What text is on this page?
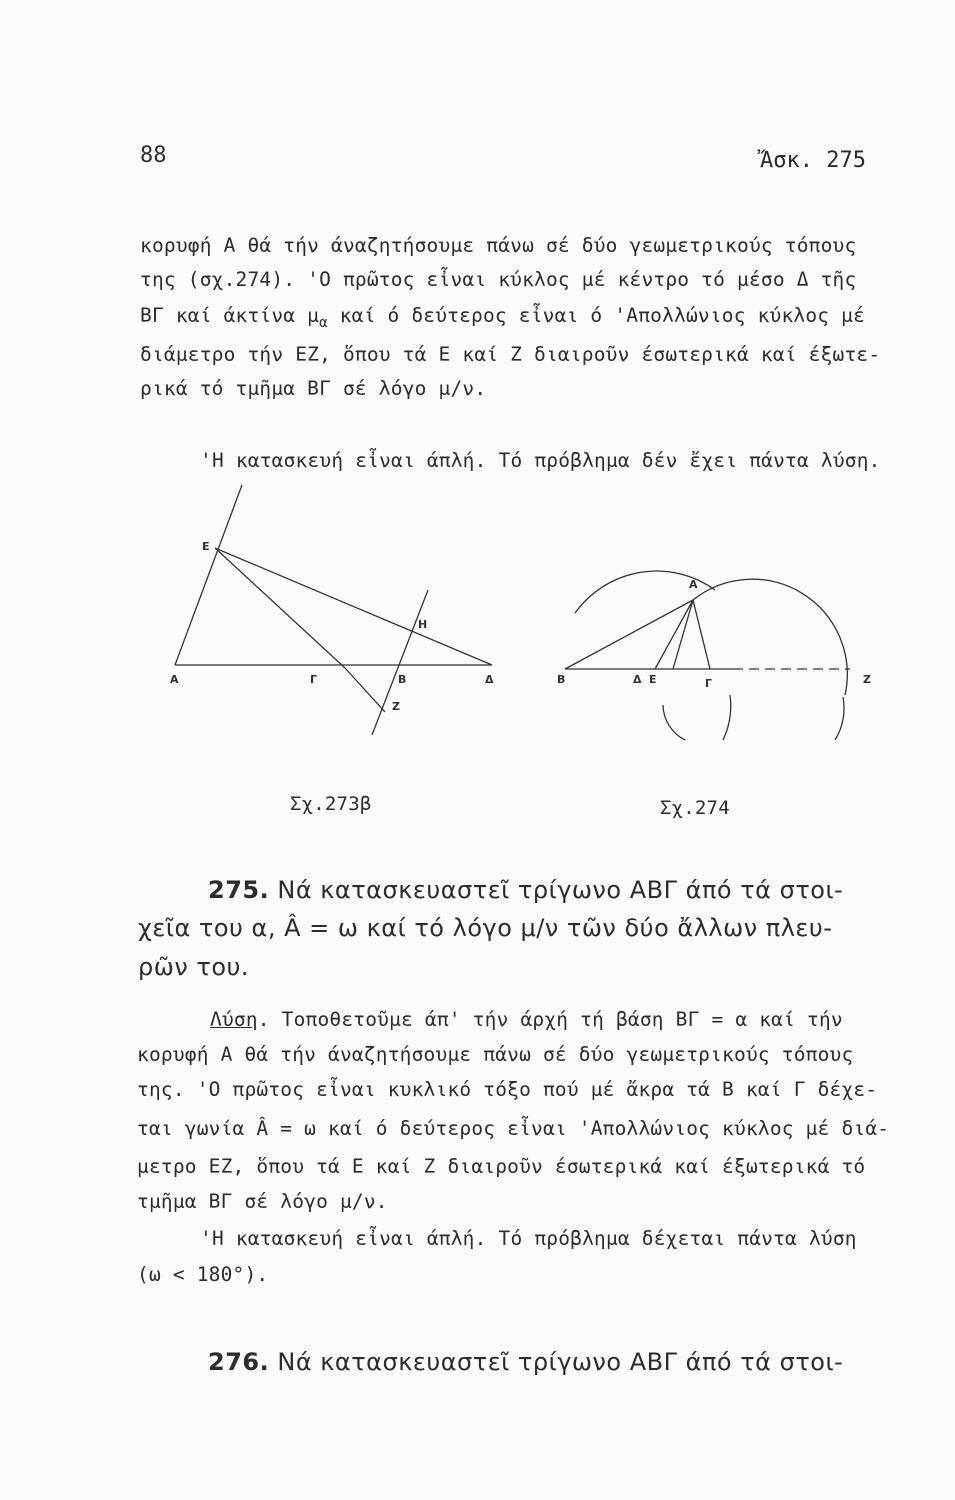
88	Ἄσκ. 275
κορυφή Α θά τήν άναζητήσουμε πάνω σέ δύο γεωμετρικούς τόπους
της (σχ.274). 'Ο πρῶτος εἶναι κύκλος μέ κέντρο τό μέσο Δ τῆς
ΒΓ καί άκτίνα $\mu_\alpha$ καί ό δεύτερος εἶναι ό 'Απολλώνιος κύκλος μέ
διάμετρο τήν ΕΖ, ὅπου τά Ε καί Ζ διαιροῦν έσωτερικά καί έξωτε-
ρικά τό τμῆμα ΒΓ σέ λόγο μ/ν.
'Η κατασκευή εἶναι άπλή. Τό πρόβλημα δέν ἔχει πάντα λύση.
Ε
Η
Α	Γ	Β	Δ
Ζ
Α
Β	Δ Ε	Γ	Ζ
Σχ.273β	Σχ.274
275. Νά κατασκευαστεῖ τρίγωνο ΑΒΓ άπό τά στοι-
χεῖα του α, Â = ω καί τό λόγο μ/ν τῶν δύο ἄλλων πλευ-
ρῶν του.
Λύση. Τοποθετοῦμε άπ' τήν άρχή τή βάση ΒΓ = α καί τήν
κορυφή Α θά τήν άναζητήσουμε πάνω σέ δύο γεωμετρικούς τόπους
της. 'Ο πρῶτος εἶναι κυκλικό τόξο πού μέ ἄκρα τά Β καί Γ δέχε-
ται γωνία Â = ω καί ό δεύτερος εἶναι 'Απολλώνιος κύκλος μέ διά-
μετρο ΕΖ, ὅπου τά Ε καί Ζ διαιροῦν έσωτερικά καί έξωτερικά τό
τμῆμα ΒΓ σέ λόγο μ/ν.
'Η κατασκευή εἶναι άπλή. Τό πρόβλημα δέχεται πάντα λύση
(ω < 180°).
276. Νά κατασκευαστεῖ τρίγωνο ΑΒΓ άπό τά στοι-
